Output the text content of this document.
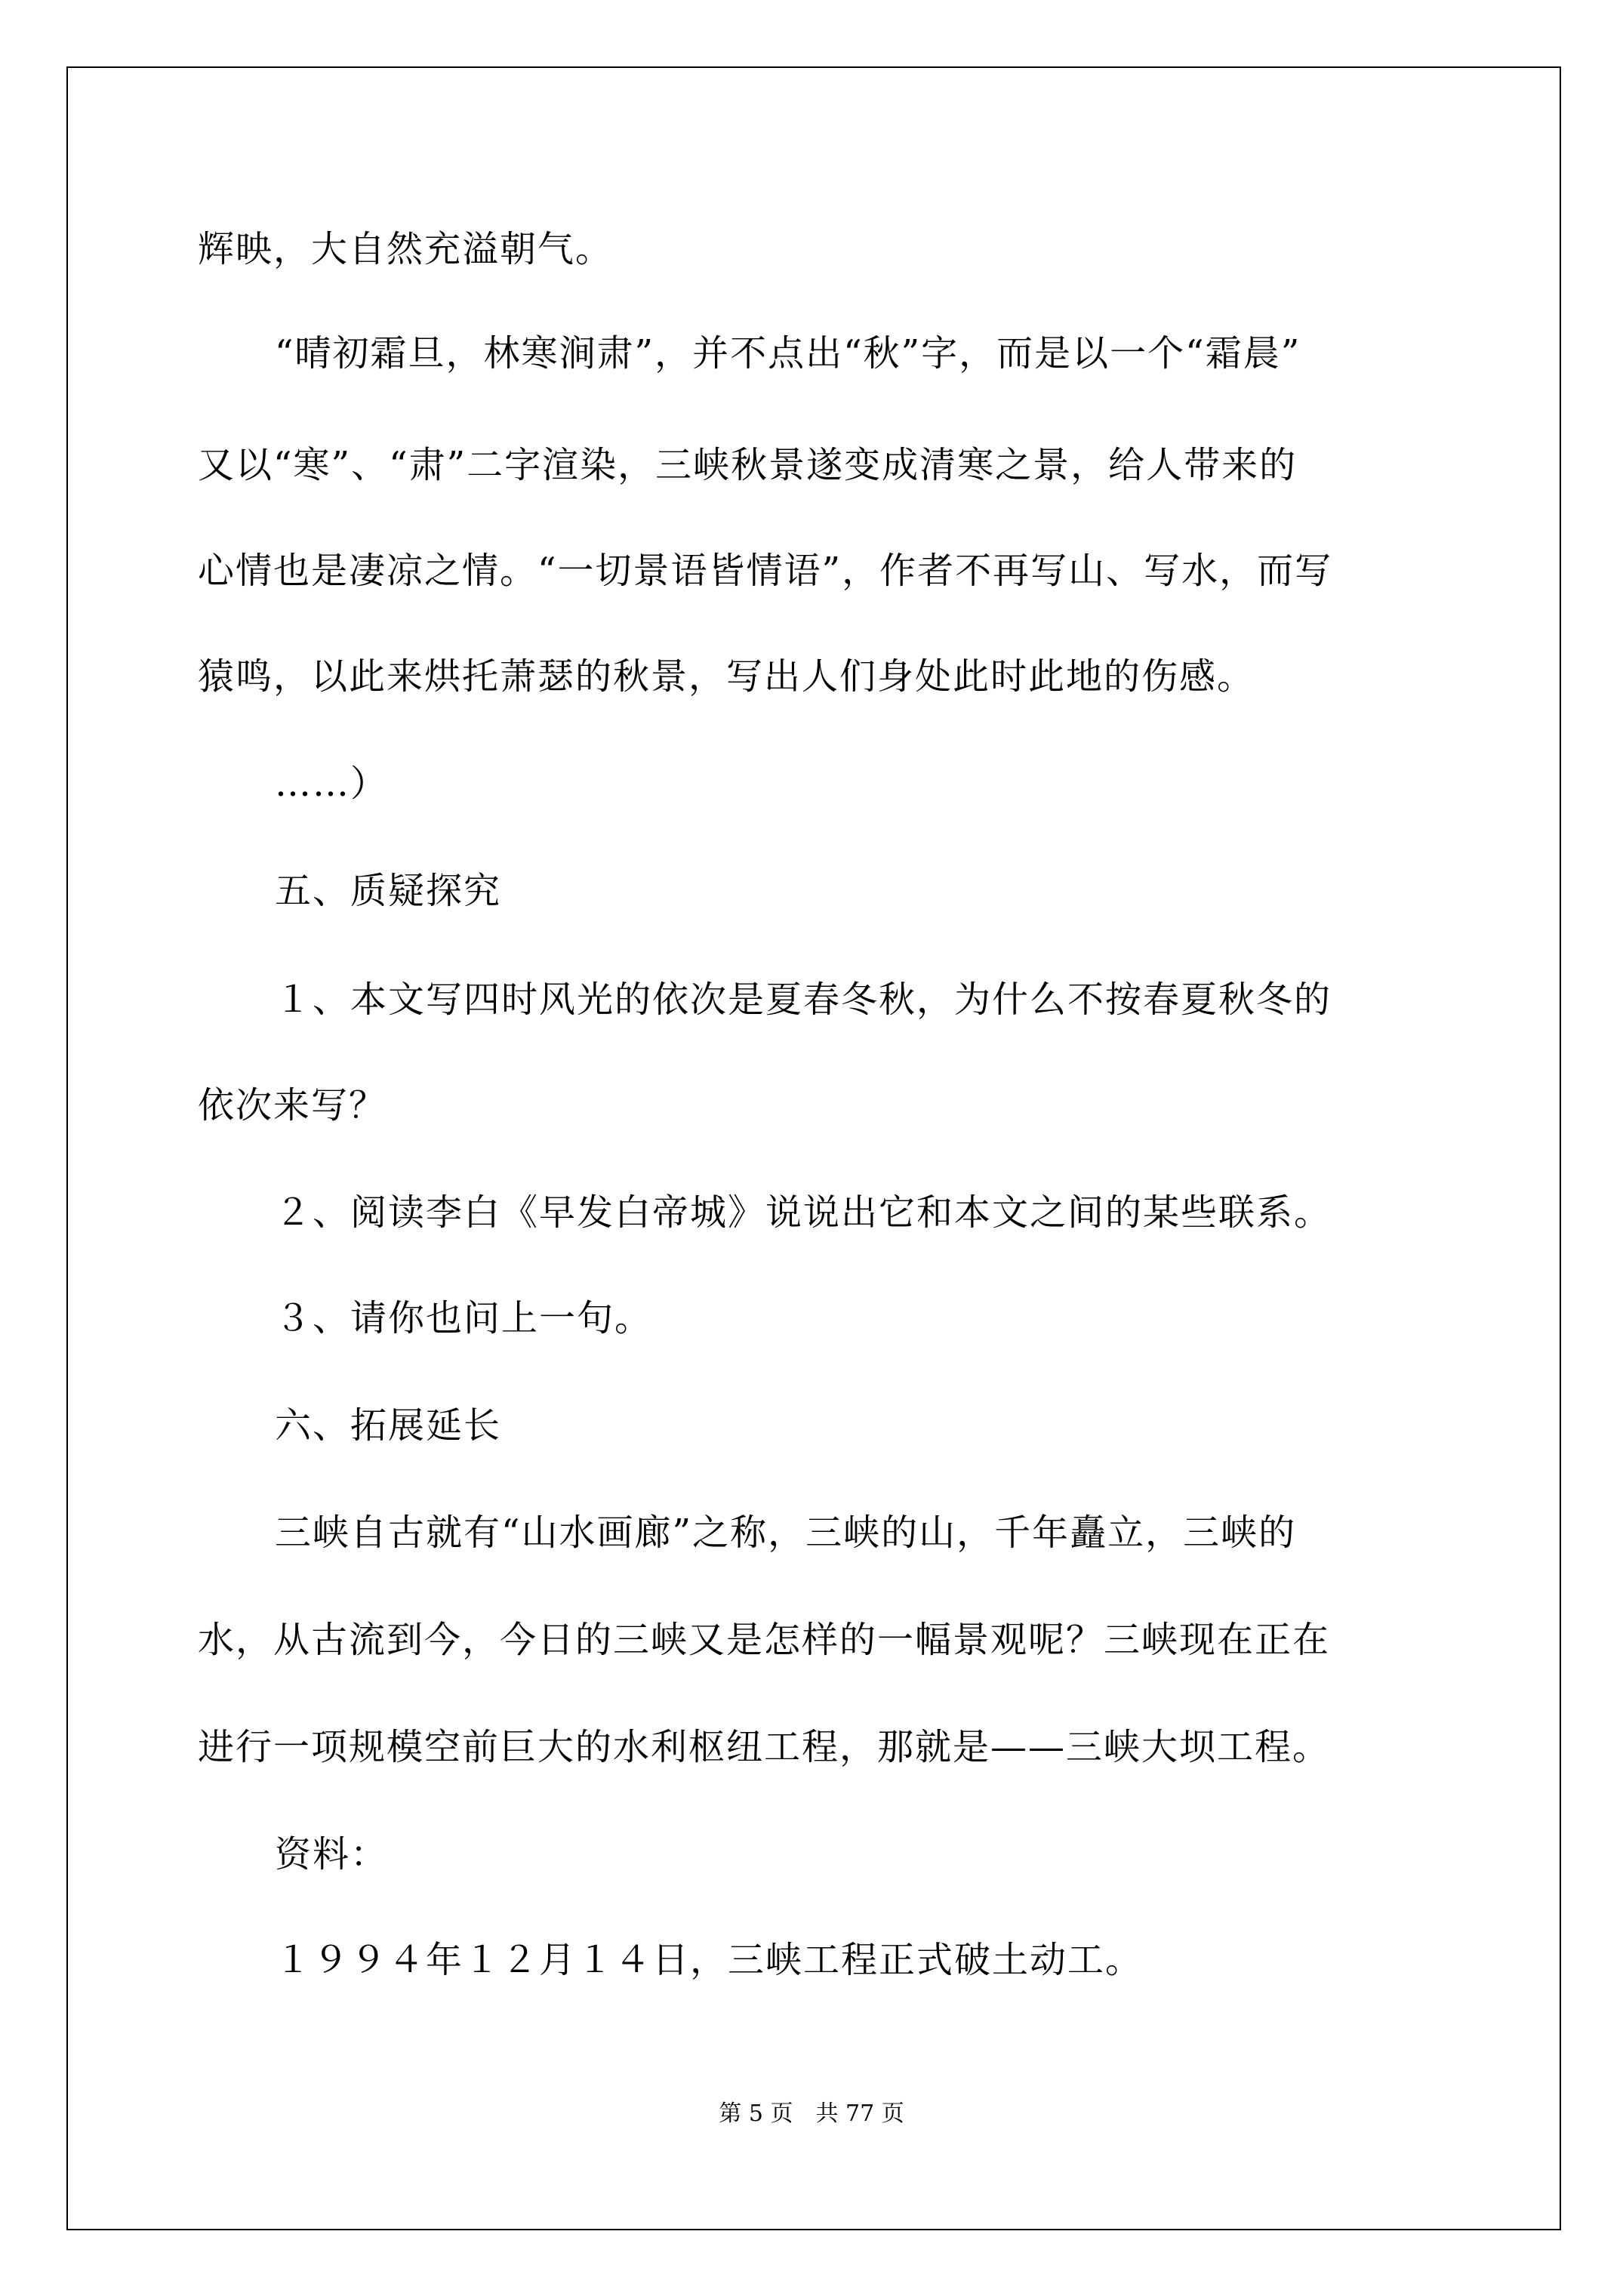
辉映，大自然充溢朝气。
“晴初霜旦，林寒涧肃”，并不点出“秋”字，而是以一个“霜晨”
又以“寒”、“肃”二字渲染，三峡秋景遂变成清寒之景，给人带来的
心情也是凄凉之情。“一切景语皆情语”，作者不再写山、写水，而写
猿鸣，以此来烘托萧瑟的秋景，写出人们身处此时此地的伤感。
……）
五、质疑探究
１、本文写四时风光的依次是夏春冬秋，为什么不按春夏秋冬的
依次来写？
２、阅读李白《早发白帝城》说说出它和本文之间的某些联系。
３、请你也问上一句。
六、拓展延长
三峡自古就有“山水画廊”之称，三峡的山，千年矗立，三峡的
水，从古流到今，今日的三峡又是怎样的一幅景观呢？三峡现在正在
进行一项规模空前巨大的水利枢纽工程，那就是——三峡大坝工程。
资料：
１９９４年１２月１４日，三峡工程正式破土动工。
第 5 页　共 77 页
